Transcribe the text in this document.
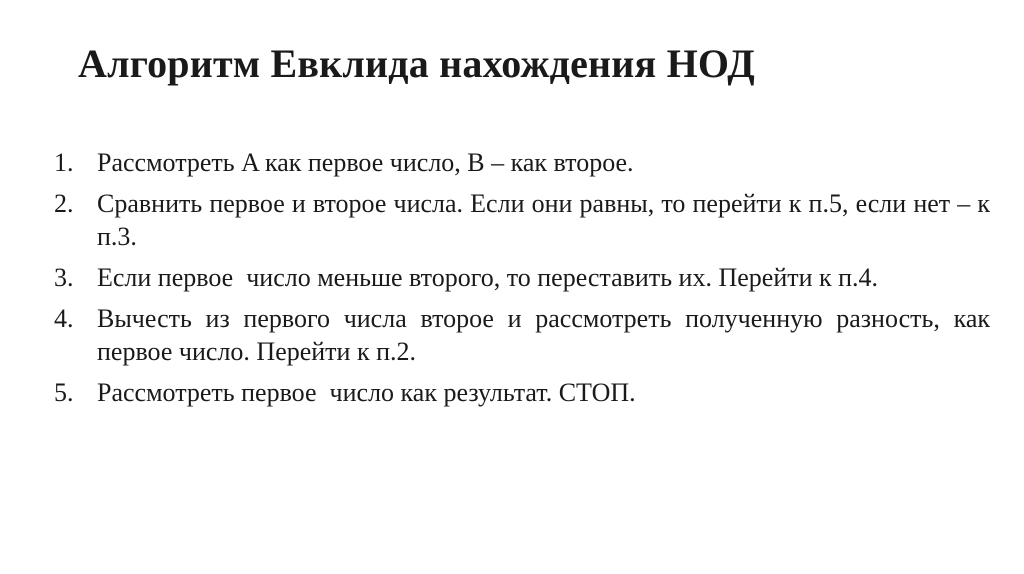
Алгоритм Евклида нахождения НОД
1. Рассмотреть A как первое число, B – как второе.
2. Сравнить первое и второе числа. Если они равны, то перейти к п.5, если нет – к п.3.
3. Если первое  число меньше второго, то переставить их. Перейти к п.4.
4. Вычесть из первого числа второе и рассмотреть полученную разность, как первое число. Перейти к п.2.
5. Рассмотреть первое  число как результат. СТОП.
